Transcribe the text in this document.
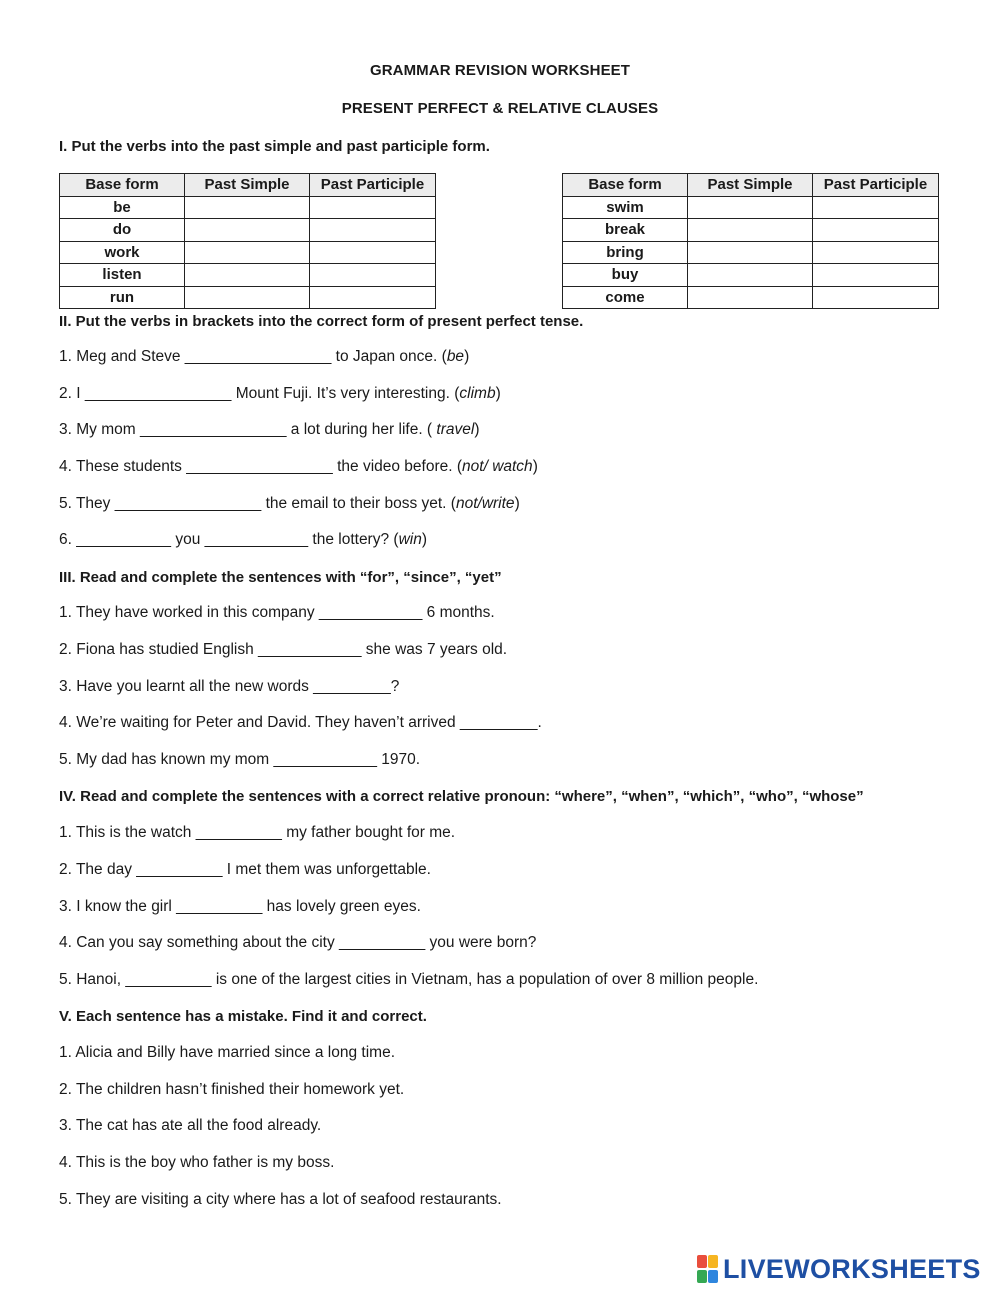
GRAMMAR REVISION WORKSHEET
PRESENT PERFECT & RELATIVE CLAUSES
I. Put the verbs into the past simple and past participle form.
Base form	Past Simple	Past Participle
be		
do		
work		
listen		
run		
Base form	Past Simple	Past Participle
swim		
break		
bring		
buy		
come		
II. Put the verbs in brackets into the correct form of present perfect tense.
1. Meg and Steve _________________ to Japan once. (be)
2. I _________________ Mount Fuji. It’s very interesting. (climb)
3. My mom _________________ a lot during her life. ( travel)
4. These students _________________ the video before. (not/ watch)
5. They _________________ the email to their boss yet. (not/write)
6. ___________ you ____________ the lottery? (win)
III. Read and complete the sentences with “for”, “since”, “yet”
1. They have worked in this company ____________ 6 months.
2. Fiona has studied English ____________ she was 7 years old.
3. Have you learnt all the new words _________?
4. We’re waiting for Peter and David. They haven’t arrived _________.
5. My dad has known my mom ____________ 1970.
IV. Read and complete the sentences with a correct relative pronoun: “where”, “when”, “which”, “who”, “whose”
1. This is the watch __________ my father bought for me.
2. The day __________ I met them was unforgettable.
3. I know the girl __________ has lovely green eyes.
4. Can you say something about the city __________ you were born?
5. Hanoi, __________ is one of the largest cities in Vietnam, has a population of over 8 million people.
V. Each sentence has a mistake. Find it and correct.
1. Alicia and Billy have married since a long time.
2. The children hasn’t finished their homework yet.
3. The cat has ate all the food already.
4. This is the boy who father is my boss.
5. They are visiting a city where has a lot of seafood restaurants.
LIVEWORKSHEETS
